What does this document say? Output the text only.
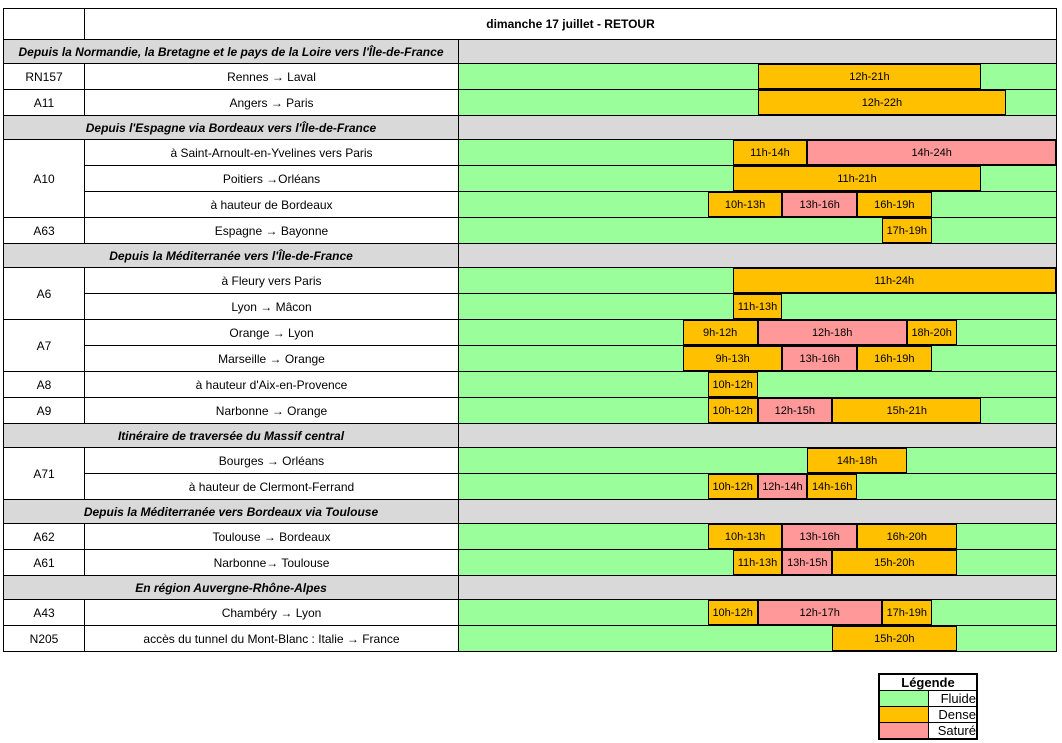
	dimanche 17 juillet - RETOUR	
Depuis la Normandie, la Bretagne et le pays de la Loire vers l'Île-de-France		
RN157	Rennes → Laval	12h-21h

A11	Angers → Paris	12h-22h

Depuis l'Espagne via Bordeaux vers l'Île-de-France		
A10	à Saint-Arnoult-en-Yvelines vers Paris	11h-14h 14h-24h

	Poitiers →Orléans	11h-21h

	à hauteur de Bordeaux	10h-13h 13h-16h 16h-19h

A63	Espagne → Bayonne	17h-19h

Depuis la Méditerranée vers l'Île-de-France		
A6	à Fleury vers Paris	11h-24h

	Lyon → Mâcon	11h-13h

A7	Orange → Lyon	9h-12h 12h-18h 18h-20h

	Marseille → Orange	9h-13h 13h-16h 16h-19h

A8	à hauteur d'Aix-en-Provence	10h-12h

A9	Narbonne → Orange	10h-12h 12h-15h 15h-21h

Itinéraire de traversée du Massif central		
A71	Bourges → Orléans	14h-18h

	à hauteur de Clermont-Ferrand	10h-12h 12h-14h 14h-16h

Depuis la Méditerranée vers Bordeaux via Toulouse		
A62	Toulouse → Bordeaux	10h-13h 13h-16h 16h-20h

A61	Narbonne→ Toulouse	11h-13h 13h-15h 15h-20h

En région Auvergne-Rhône-Alpes		
A43	Chambéry → Lyon	10h-12h 12h-17h 17h-19h

N205	accès du tunnel du Mont-Blanc : Italie → France	15h-20h
Légende	
	Fluide
	Dense
	Saturé
